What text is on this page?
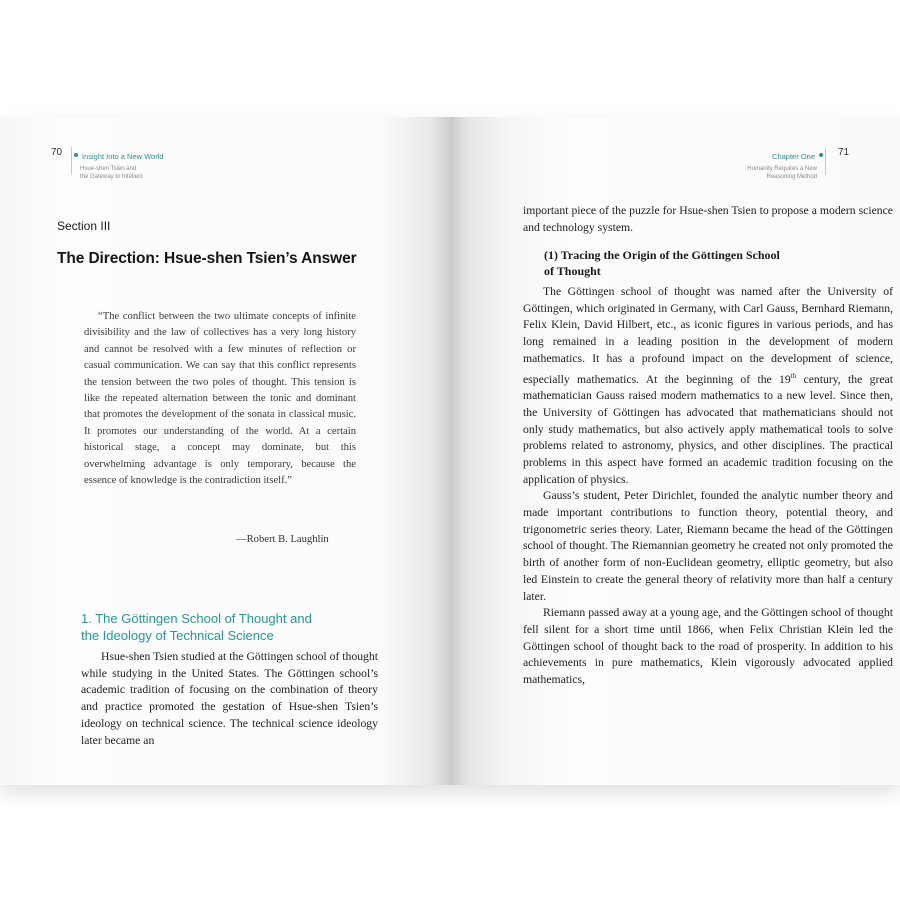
70	Insight Into a New World
Hsue-shen Tsien and
the Gateway to Intellect
Section III
The Direction: Hsue-shen Tsien’s Answer
“The conflict between the two ultimate concepts of infinite divisibility and the law of collectives has a very long history and cannot be resolved with a few minutes of reflection or casual communication. We can say that this conflict represents the tension between the two poles of thought. This tension is like the repeated alternation between the tonic and dominant that promotes the development of the sonata in classical music. It promotes our understanding of the world. At a certain historical stage, a concept may dominate, but this overwhelming advantage is only temporary, because the essence of knowledge is the contradiction itself.”
—Robert B. Laughlin
1. The Göttingen School of Thought and
the Ideology of Technical Science

Hsue-shen Tsien studied at the Göttingen school of thought while studying in the United States. The Göttingen school’s academic tradition of focusing on the combination of theory and practice promoted the gestation of Hsue-shen Tsien’s ideology on technical science. The technical science ideology later became an

Chapter One
Humanity Requires a New
Reasoning Method
71

important piece of the puzzle for Hsue-shen Tsien to propose a modern science and technology system.

(1) Tracing the Origin of the Göttingen School
of Thought

The Göttingen school of thought was named after the University of Göttingen, which originated in Germany, with Carl Gauss, Bernhard Riemann, Felix Klein, David Hilbert, etc., as iconic figures in various periods, and has long remained in a leading position in the development of modern mathematics. It has a profound impact on the development of science, especially mathematics. At the beginning of the 19th century, the great mathematician Gauss raised modern mathematics to a new level. Since then, the University of Göttingen has advocated that mathematicians should not only study mathematics, but also actively apply mathematical tools to solve problems related to astronomy, physics, and other disciplines. The practical problems in this aspect have formed an academic tradition focusing on the application of physics.

Gauss’s student, Peter Dirichlet, founded the analytic number theory and made important contributions to function theory, potential theory, and trigonometric series theory. Later, Riemann became the head of the Göttingen school of thought. The Riemannian geometry he created not only promoted the birth of another form of non-Euclidean geometry, elliptic geometry, but also led Einstein to create the general theory of relativity more than half a century later.

Riemann passed away at a young age, and the Göttingen school of thought fell silent for a short time until 1866, when Felix Christian Klein led the Göttingen school of thought back to the road of prosperity. In addition to his achievements in pure mathematics, Klein vigorously advocated applied mathematics,
